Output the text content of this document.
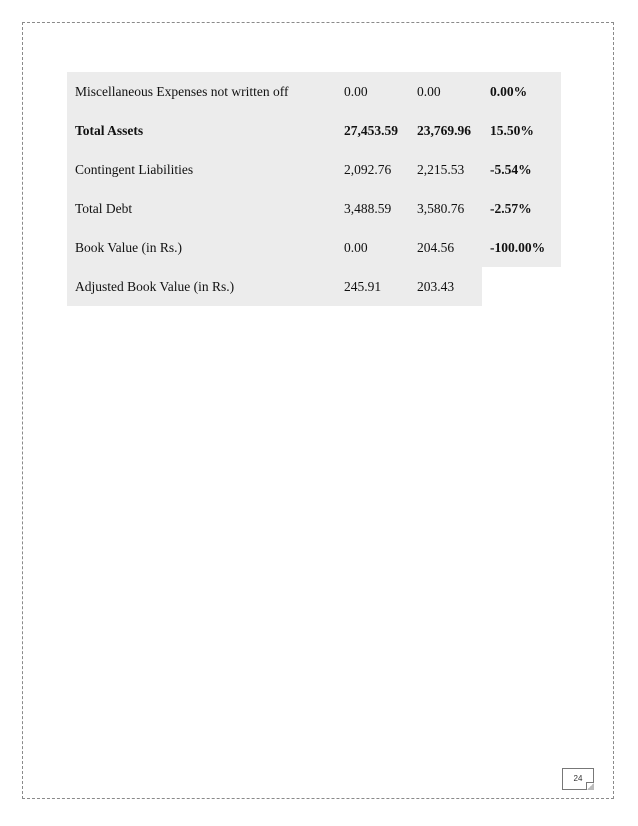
Miscellaneous Expenses not written off	0.00	0.00	0.00%
Total Assets	27,453.59	23,769.96	15.50%
Contingent Liabilities	2,092.76	2,215.53	-5.54%
Total Debt	3,488.59	3,580.76	-2.57%
Book Value (in Rs.)	0.00	204.56	-100.00%
Adjusted Book Value (in Rs.)	245.91	203.43	
24
